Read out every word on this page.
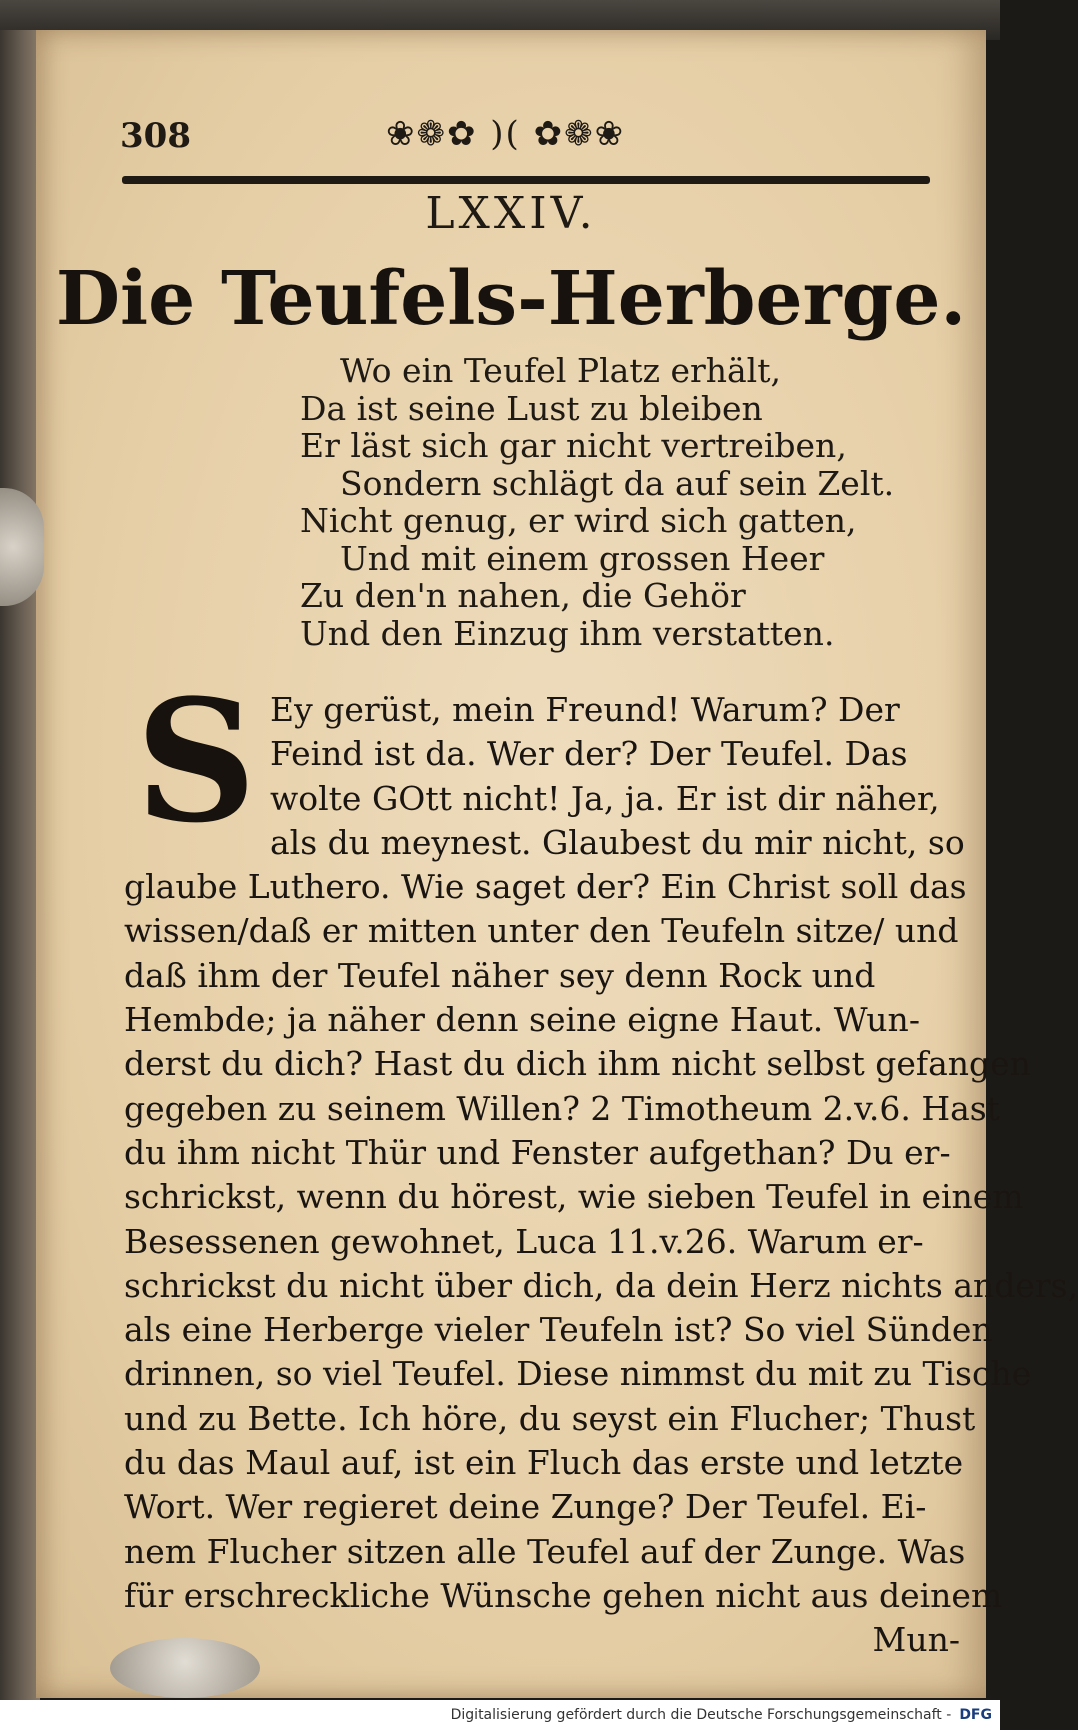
308	❀❁✿ )( ✿❁❀
LXXIV.
Die Teufels-Herberge.
Wo ein Teufel Platz erhält,
Da ist seine Lust zu bleiben
Er läst sich gar nicht vertreiben,
Sondern schlägt da auf sein Zelt.
Nicht genug, er wird sich gatten,
Und mit einem grossen Heer
Zu den'n nahen, die Gehör
Und den Einzug ihm verstatten.
S Ey gerüst, mein Freund! Warum? Der
Feind ist da. Wer der? Der Teufel. Das
wolte GOtt nicht! Ja, ja. Er ist dir näher,
als du meynest. Glaubest du mir nicht, so
glaube Luthero. Wie saget der? Ein Christ soll das
wissen/daß er mitten unter den Teufeln sitze/ und
daß ihm der Teufel näher sey denn Rock und
Hembde; ja näher denn seine eigne Haut. Wun-
derst du dich? Hast du dich ihm nicht selbst gefangen
gegeben zu seinem Willen? 2 Timotheum 2.v.6. Hast
du ihm nicht Thür und Fenster aufgethan? Du er-
schrickst, wenn du hörest, wie sieben Teufel in einem
Besessenen gewohnet, Luca 11.v.26. Warum er-
schrickst du nicht über dich, da dein Herz nichts anders,
als eine Herberge vieler Teufeln ist? So viel Sünden
drinnen, so viel Teufel. Diese nimmst du mit zu Tische
und zu Bette. Ich höre, du seyst ein Flucher; Thust
du das Maul auf, ist ein Fluch das erste und letzte
Wort. Wer regieret deine Zunge? Der Teufel. Ei-
nem Flucher sitzen alle Teufel auf der Zunge. Was
für erschreckliche Wünsche gehen nicht aus deinem
Mun-
Digitalisierung gefördert durch die Deutsche Forschungsgemeinschaft - DFG
